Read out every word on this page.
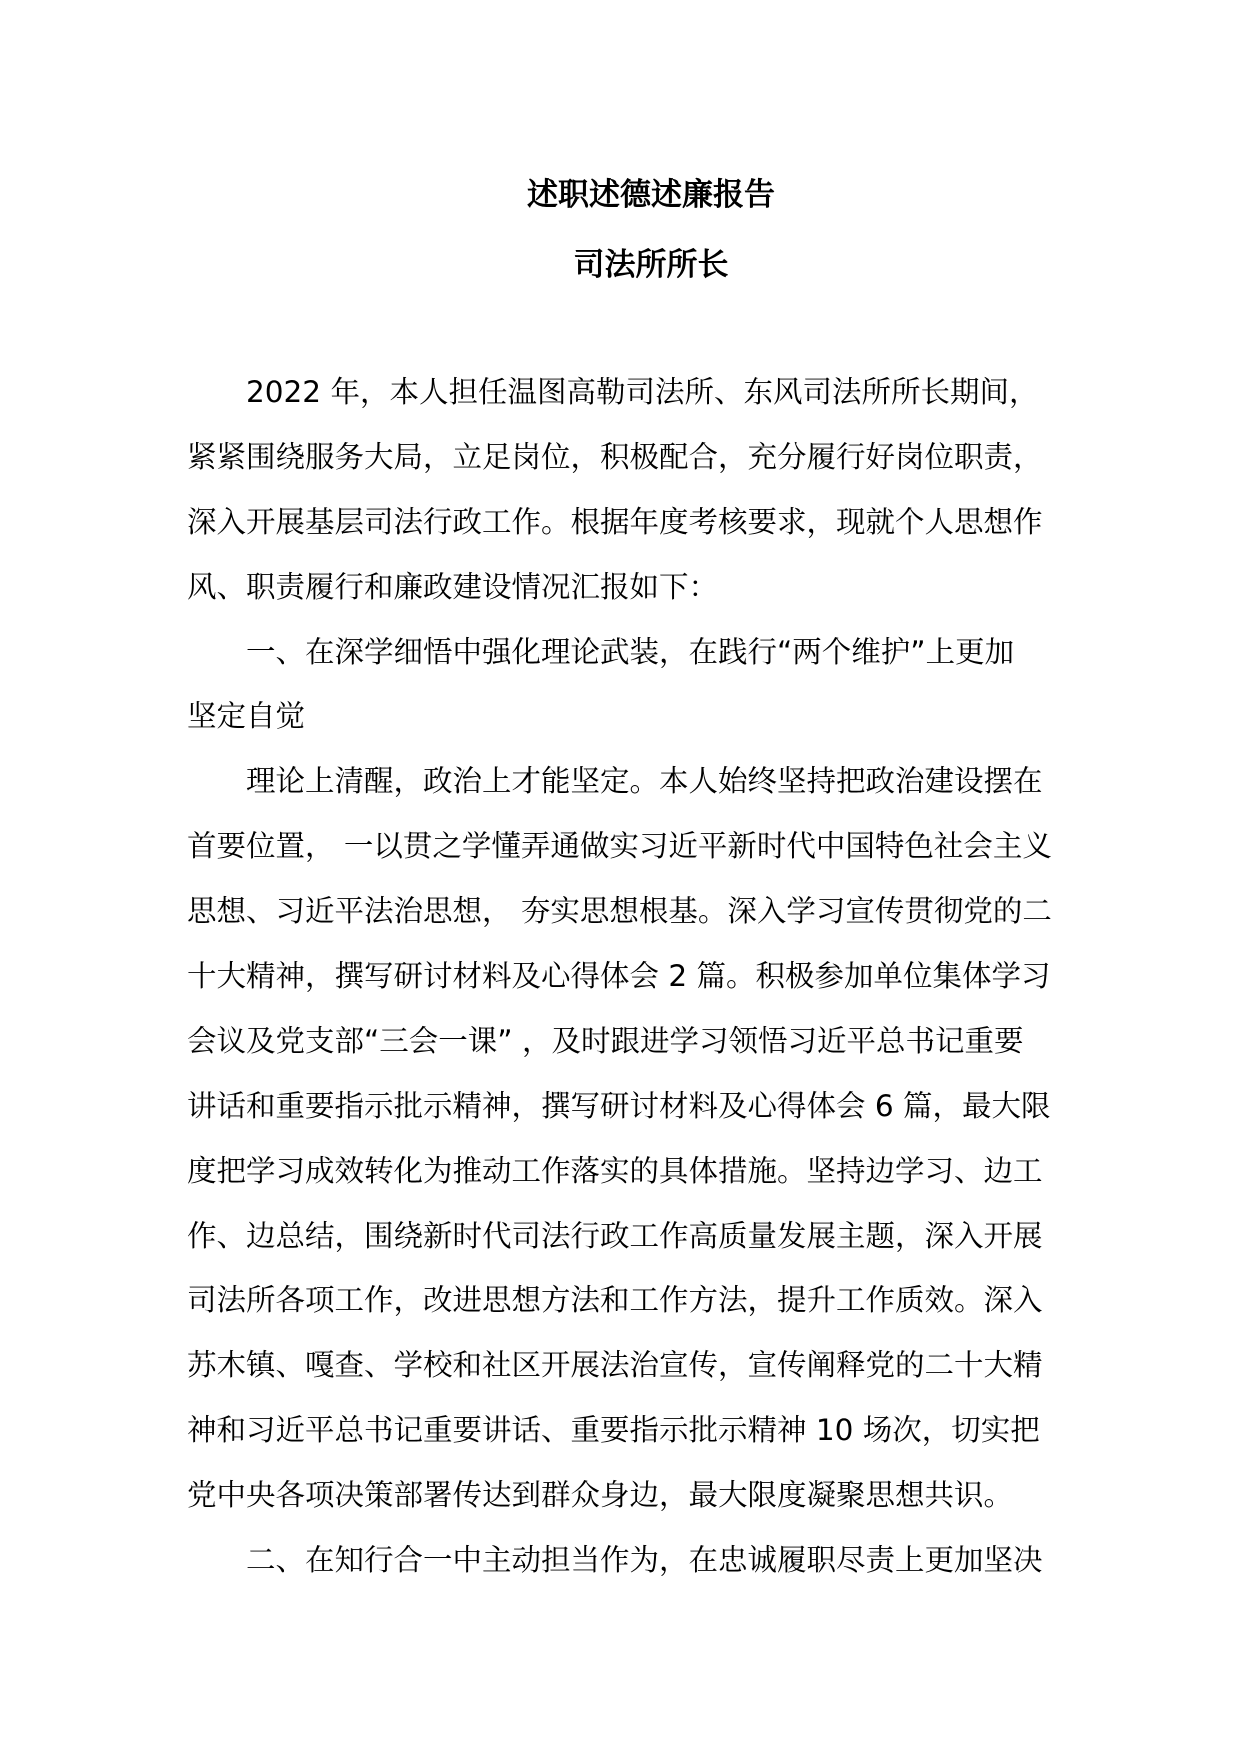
述职述德述廉报告
司法所所长
2022 年，本人担任温图高勒司法所、东风司法所所长期间，
紧紧围绕服务大局，立足岗位，积极配合，充分履行好岗位职责，
深入开展基层司法行政工作。根据年度考核要求，现就个人思想作
风、职责履行和廉政建设情况汇报如下：
一、在深学细悟中强化理论武装，在践行“两个维护”上更加
坚定自觉
理论上清醒，政治上才能坚定。本人始终坚持把政治建设摆在
首要位置， 一以贯之学懂弄通做实习近平新时代中国特色社会主义
思想、习近平法治思想， 夯实思想根基。深入学习宣传贯彻党的二
十大精神，撰写研讨材料及心得体会 2 篇。积极参加单位集体学习
会议及党支部“三会一课” ，及时跟进学习领悟习近平总书记重要
讲话和重要指示批示精神，撰写研讨材料及心得体会 6 篇，最大限
度把学习成效转化为推动工作落实的具体措施。坚持边学习、边工
作、边总结，围绕新时代司法行政工作高质量发展主题，深入开展
司法所各项工作，改进思想方法和工作方法，提升工作质效。深入
苏木镇、嘎查、学校和社区开展法治宣传，宣传阐释党的二十大精
神和习近平总书记重要讲话、重要指示批示精神 10 场次，切实把
党中央各项决策部署传达到群众身边，最大限度凝聚思想共识。
二、在知行合一中主动担当作为，在忠诚履职尽责上更加坚决
